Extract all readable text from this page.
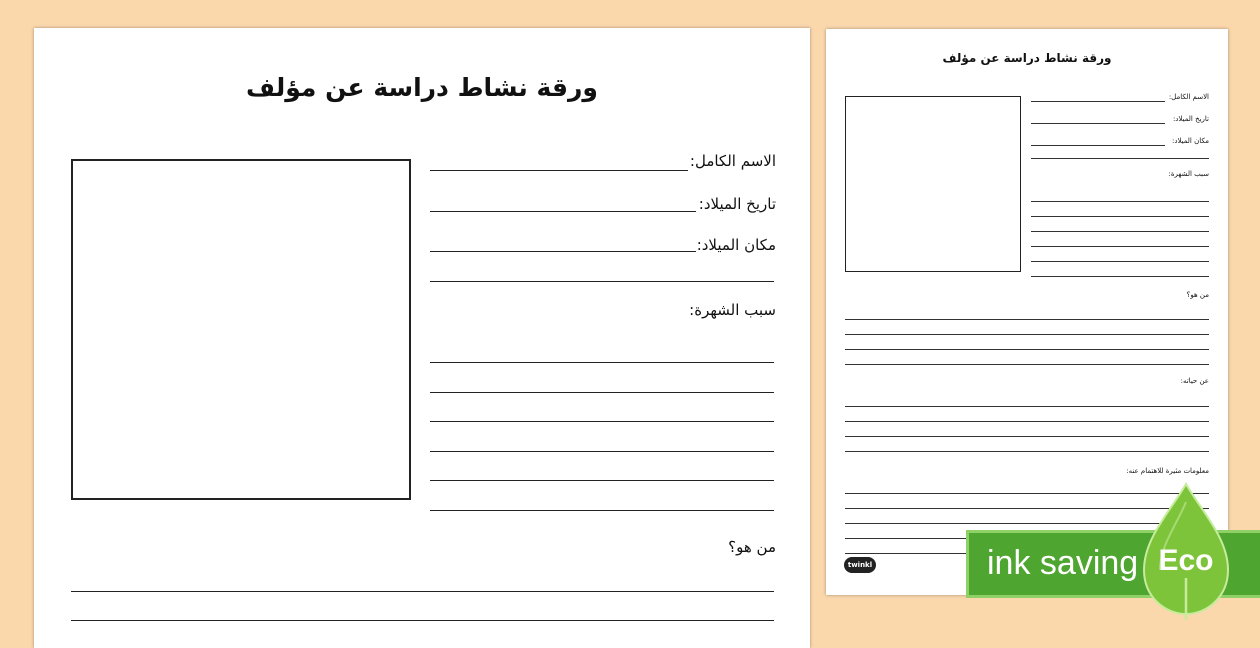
ورقة نشاط دراسة عن مؤلف
الاسم الكامل:
تاريخ الميلاد:
مكان الميلاد:
سبب الشهرة:
من هو؟
ورقة نشاط دراسة عن مؤلف
الاسم الكامل:
تاريخ الميلاد:
مكان الميلاد:
سبب الشهرة:
من هو؟
عن حياته:
معلومات مثيرة للاهتمام عنه:
twinkl	ink saving Eco
